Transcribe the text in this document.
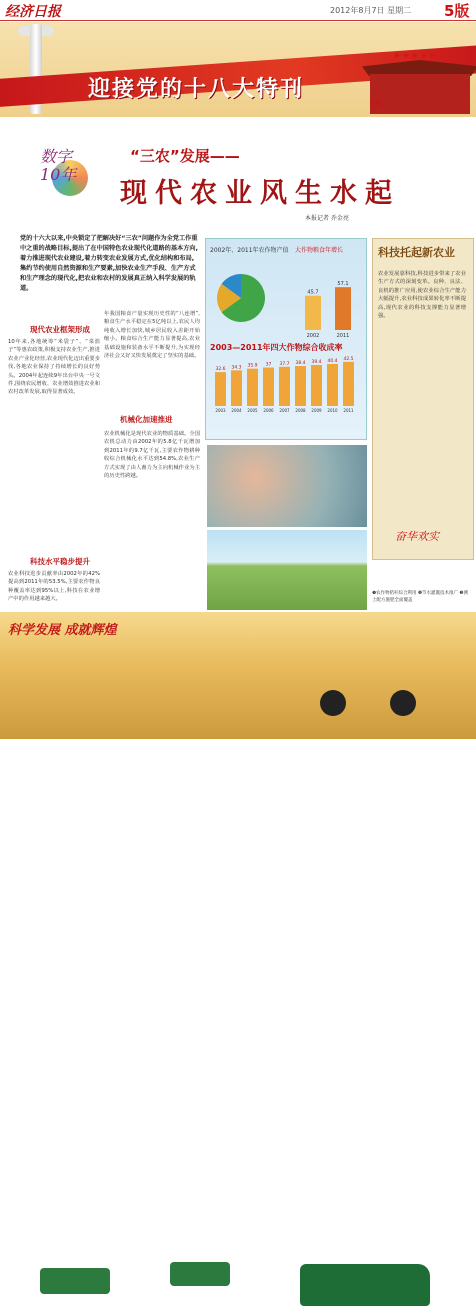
经济日报	2012年8月7日 星期二 5版
▸▸▸▸▸
迎接党的十八大特刊
19
数字10年
“三农”发展——
现代农业风生水起
本报记者 乔金亮
党的十六大以来,中央锁定了把解决好“三农”问题作为全党工作重中之重的战略目标,提出了在中国特色农业现代化道路的基本方向,着力推进现代农业建设,着力转变农业发展方式,优化结构和布局,集约节约使用自然资源和生产要素,加快农业生产手段、生产方式和生产理念的现代化,把农业和农村的发展真正纳入科学发展的轨道。
现代农业框架形成
10年来,各地统筹“米袋子”、“菜篮子”等惠农政策,积极支持农业生产,推进农业产业化经营,农业现代化迈出重要步伐,各地农业保持了持续增长的良好势头。2004年起连续9年出台中央一号文件,围绕农民增收、农业增效推进农业和农村改革发展,取得显著成效。
科技水平稳步提升
农业科技进步贡献率由2002年的42%提高到2011年的53.5%,主要农作物良种覆盖率达到95%以上,科技在农业增产中的作用越来越大。
年我国粮食产量实现历史性的“八连增”,粮食生产水平稳定在5亿吨以上,农民人均纯收入增长加快,城乡居民收入差距开始缩小。粮食综合生产能力显著提高,农业基础设施和装备水平不断提升,为实现经济社会又好又快发展奠定了坚实的基础。
机械化加速推进
农业机械化是现代农业的物质基础。全国农机总动力由2002年的5.8亿千瓦增加到2011年的9.7亿千瓦,主要农作物耕种收综合机械化水平达到54.8%,农业生产方式实现了由人畜力为主向机械作业为主的历史性跨越。
2002年、2011年农作物产值 大作物粮食年增长
2003—2011年四大作物综合收成率
45.7
2002
57.1
2011
32.6
2003
34.3
2004
35.9
2005
37
2006
37.7
2007
38.4
2008
39.4
2009
40.4
2010
42.5
2011
科技托起新农业
农业发展靠科技,科技进步带来了农业生产方式的深刻变革。良种、良法、良机的推广应用,使农业综合生产能力大幅提升,农业科技成果转化率不断提高,现代农业的科技支撑能力显著增强。
奋华欢实
❶农作物秸秆综合利用 ❷节水灌溉技术推广 ❸测土配方施肥全面覆盖
科学发展 成就辉煌
